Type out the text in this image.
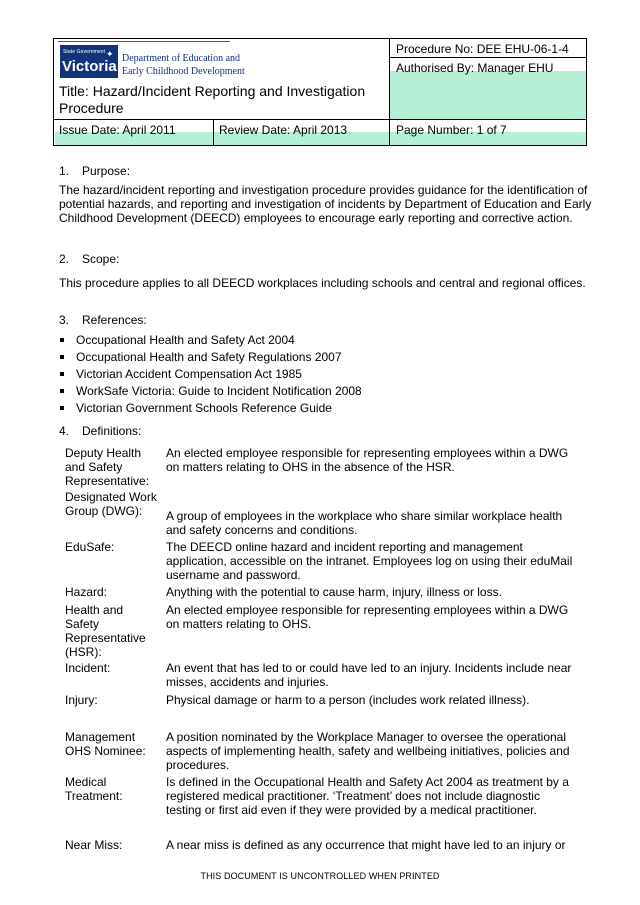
State Government
Victoria
✦ Department of Education and
Early Childhood Development
Title: Hazard/Incident Reporting and Investigation
Procedure
Procedure No: DEE EHU-06-1-4
Authorised By: Manager EHU
Issue Date: April 2011	Review Date: April 2013	Page Number: 1 of 7
1. Purpose:
The hazard/incident reporting and investigation procedure provides guidance for the identification of potential hazards, and reporting and investigation of incidents by Department of Education and Early Childhood Development (DEECD) employees to encourage early reporting and corrective action.
2. Scope:
This procedure applies to all DEECD workplaces including schools and central and regional offices.
3. References:
Occupational Health and Safety Act 2004
Occupational Health and Safety Regulations 2007
Victorian Accident Compensation Act 1985
WorkSafe Victoria: Guide to Incident Notification 2008
Victorian Government Schools Reference Guide
4. Definitions:
Deputy Health and Safety Representative:
An elected employee responsible for representing employees within a DWG on matters relating to OHS in the absence of the HSR.
Designated Work Group (DWG):	A group of employees in the workplace who share similar workplace health and safety concerns and conditions.
EduSafe:	The DEECD online hazard and incident reporting and management application, accessible on the intranet. Employees log on using their eduMail username and password.
Hazard:	Anything with the potential to cause harm, injury, illness or loss.
Health and Safety Representative (HSR):
An elected employee responsible for representing employees within a DWG on matters relating to OHS.
Incident:	An event that has led to or could have led to an injury. Incidents include near misses, accidents and injuries.
Injury:	Physical damage or harm to a person (includes work related illness).
Management OHS Nominee:
A position nominated by the Workplace Manager to oversee the operational aspects of implementing health, safety and wellbeing initiatives, policies and procedures.
Medical Treatment:
Is defined in the Occupational Health and Safety Act 2004 as treatment by a registered medical practitioner. ‘Treatment’ does not include diagnostic testing or first aid even if they were provided by a medical practitioner.
Near Miss:	A near miss is defined as any occurrence that might have led to an injury or
THIS DOCUMENT IS UNCONTROLLED WHEN PRINTED
